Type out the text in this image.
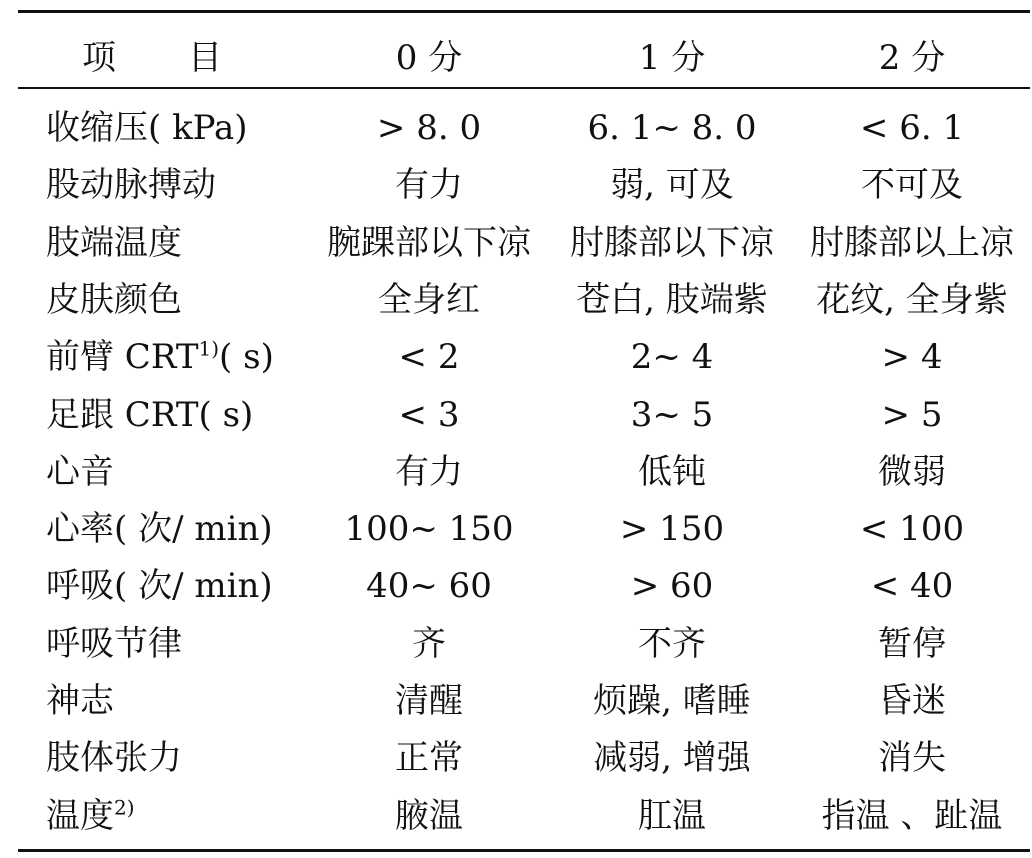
项 目	0 分	1 分	2 分
收缩压( kPa)	> 8. 0	6. 1~ 8. 0	< 6. 1
股动脉搏动	有力	弱, 可及	不可及
肢端温度	腕踝部以下凉	肘膝部以下凉	肘膝部以上凉
皮肤颜色	全身红	苍白, 肢端紫	花纹, 全身紫
前臂 CRT$^{1)}$( s)	< 2	2~ 4	> 4
足跟 CRT( s)	< 3	3~ 5	> 5
心音	有力	低钝	微弱
心率( 次/ min)	100~ 150	> 150	< 100
呼吸( 次/ min)	40~ 60	> 60	< 40
呼吸节律	齐	不齐	暂停
神志	清醒	烦躁, 嗜睡	昏迷
肢体张力	正常	减弱, 增强	消失
温度$^{2)}$	腋温	肛温	指温 、趾温
